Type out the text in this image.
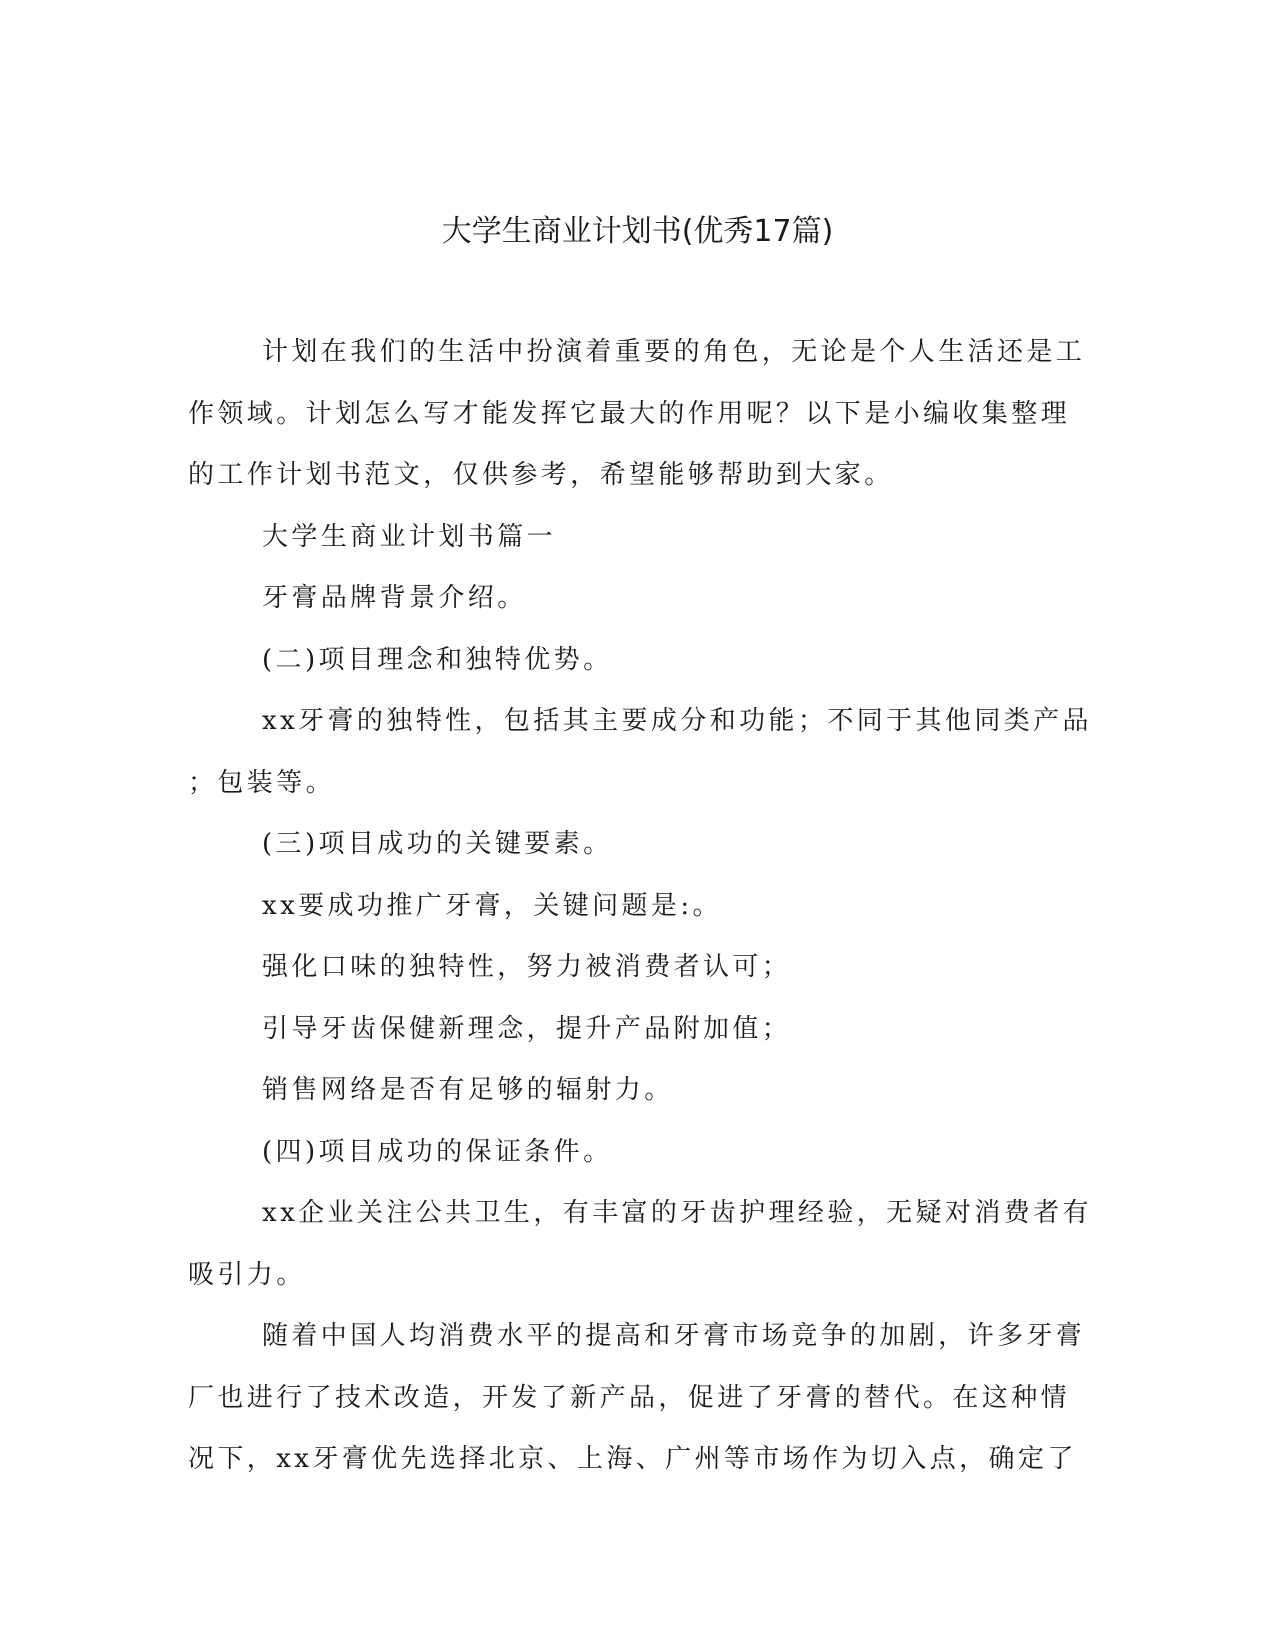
大学生商业计划书(优秀17篇)

计划在我们的生活中扮演着重要的角色，无论是个人生活还是工
作领域。计划怎么写才能发挥它最大的作用呢？以下是小编收集整理
的工作计划书范文，仅供参考，希望能够帮助到大家。

大学生商业计划书篇一

牙膏品牌背景介绍。

(二)项目理念和独特优势。

xx牙膏的独特性，包括其主要成分和功能；不同于其他同类产品
；包装等。

(三)项目成功的关键要素。

xx要成功推广牙膏，关键问题是:。

强化口味的独特性，努力被消费者认可；

引导牙齿保健新理念，提升产品附加值；

销售网络是否有足够的辐射力。

(四)项目成功的保证条件。

xx企业关注公共卫生，有丰富的牙齿护理经验，无疑对消费者有
吸引力。

随着中国人均消费水平的提高和牙膏市场竞争的加剧，许多牙膏
厂也进行了技术改造，开发了新产品，促进了牙膏的替代。在这种情
况下，xx牙膏优先选择北京、上海、广州等市场作为切入点，确定了
